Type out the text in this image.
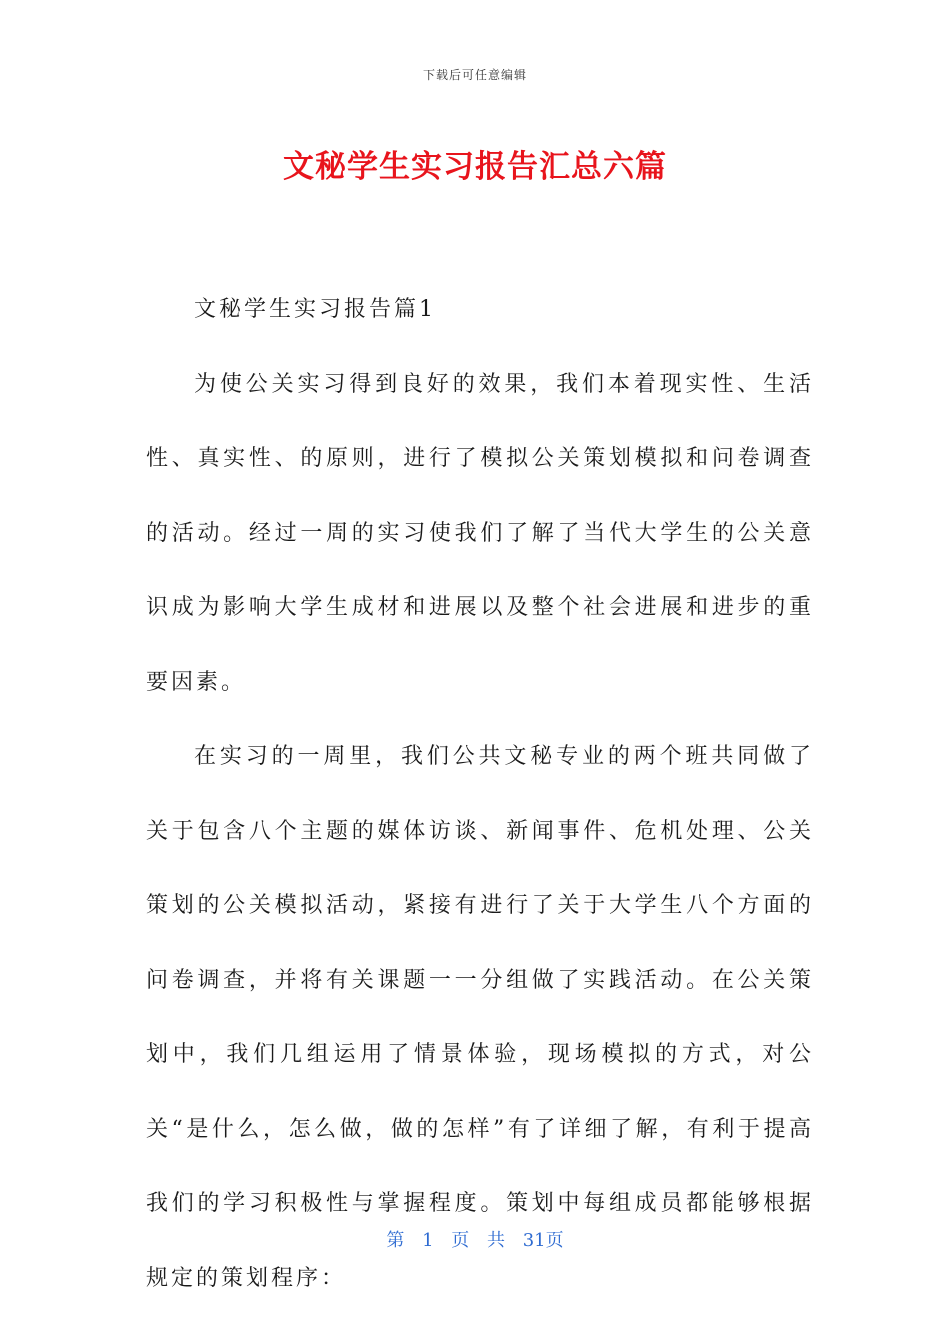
下载后可任意编辑
文秘学生实习报告汇总六篇

文秘学生实习报告篇1

为使公关实习得到良好的效果，我们本着现实性、生活性、真实性、的原则，进行了模拟公关策划模拟和问卷调查的活动。经过一周的实习使我们了解了当代大学生的公关意识成为影响大学生成材和进展以及整个社会进展和进步的重要因素。

在实习的一周里，我们公共文秘专业的两个班共同做了关于包含八个主题的媒体访谈、新闻事件、危机处理、公关策划的公关模拟活动，紧接有进行了关于大学生八个方面的问卷调查，并将有关课题一一分组做了实践活动。在公关策划中，我们几组运用了情景体验，现场模拟的方式，对公关“是什么，怎么做，做的怎样”有了详细了解，有利于提高我们的学习积极性与掌握程度。策划中每组成员都能够根据规定的策划程序：

第 1 页 共 31页
